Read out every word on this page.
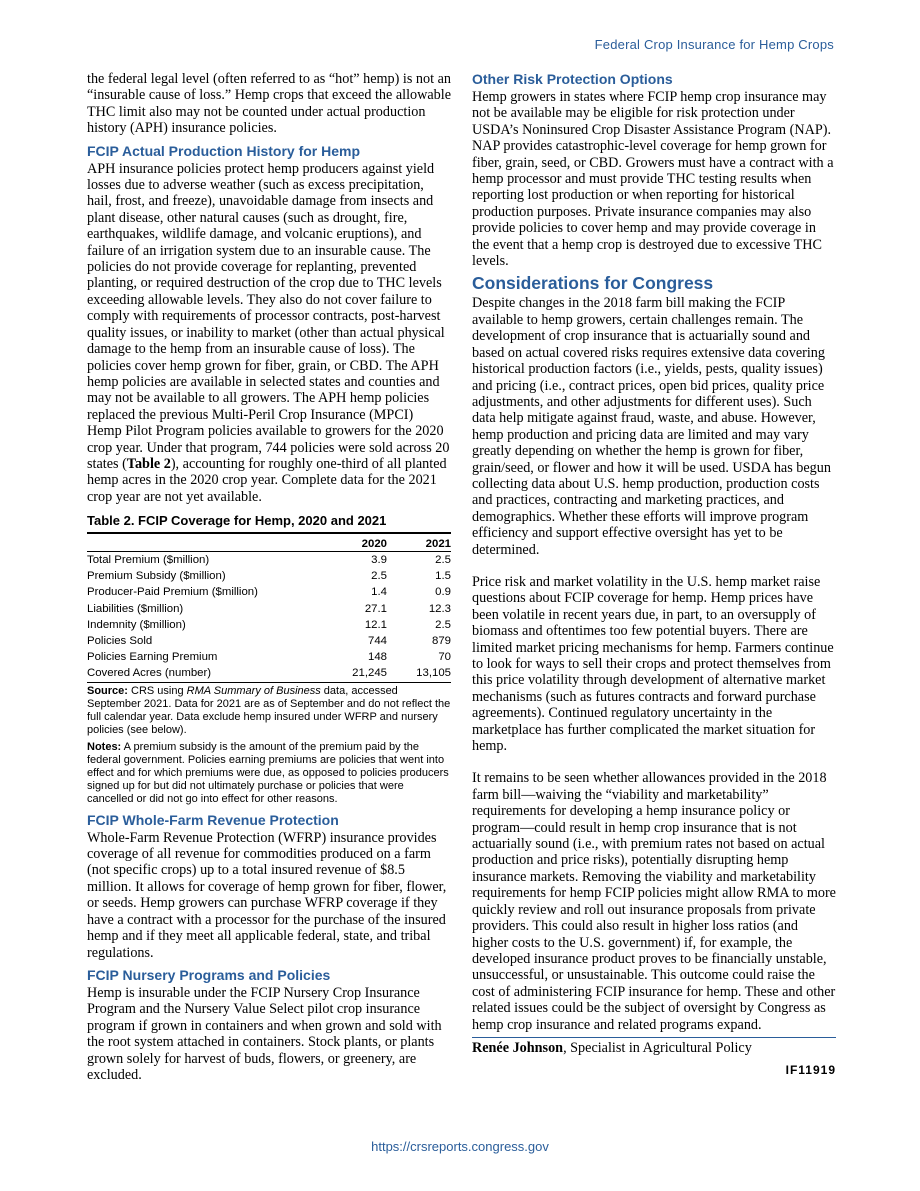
Federal Crop Insurance for Hemp Crops

the federal legal level (often referred to as “hot” hemp) is not an “insurable cause of loss.” Hemp crops that exceed the allowable THC limit also may not be counted under actual production history (APH) insurance policies.

FCIP Actual Production History for Hemp

APH insurance policies protect hemp producers against yield losses due to adverse weather (such as excess precipitation, hail, frost, and freeze), unavoidable damage from insects and plant disease, other natural causes (such as drought, fire, earthquakes, wildlife damage, and volcanic eruptions), and failure of an irrigation system due to an insurable cause. The policies do not provide coverage for replanting, prevented planting, or required destruction of the crop due to THC levels exceeding allowable levels. They also do not cover failure to comply with requirements of processor contracts, post-harvest quality issues, or inability to market (other than actual physical damage to the hemp from an insurable cause of loss). The policies cover hemp grown for fiber, grain, or CBD. The APH hemp policies are available in selected states and counties and may not be available to all growers. The APH hemp policies replaced the previous Multi-Peril Crop Insurance (MPCI) Hemp Pilot Program policies available to growers for the 2020 crop year. Under that program, 744 policies were sold across 20 states (Table 2), accounting for roughly one-third of all planted hemp acres in the 2020 crop year. Complete data for the 2021 crop year are not yet available.

Table 2. FCIP Coverage for Hemp, 2020 and 2021
	2020	2021
Total Premium ($million)	3.9	2.5
Premium Subsidy ($million)	2.5	1.5
Producer-Paid Premium ($million)	1.4	0.9
Liabilities ($million)	27.1	12.3
Indemnity ($million)	12.1	2.5
Policies Sold	744	879
Policies Earning Premium	148	70
Covered Acres (number)	21,245	13,105
Source: CRS using RMA Summary of Business data, accessed September 2021. Data for 2021 are as of September and do not reflect the full calendar year. Data exclude hemp insured under WFRP and nursery policies (see below).
Notes: A premium subsidy is the amount of the premium paid by the federal government. Policies earning premiums are policies that went into effect and for which premiums were due, as opposed to policies producers signed up for but did not ultimately purchase or policies that were cancelled or did not go into effect for other reasons.
FCIP Whole-Farm Revenue Protection

Whole-Farm Revenue Protection (WFRP) insurance provides coverage of all revenue for commodities produced on a farm (not specific crops) up to a total insured revenue of $8.5 million. It allows for coverage of hemp grown for fiber, flower, or seeds. Hemp growers can purchase WFRP coverage if they have a contract with a processor for the purchase of the insured hemp and if they meet all applicable federal, state, and tribal regulations.

FCIP Nursery Programs and Policies

Hemp is insurable under the FCIP Nursery Crop Insurance Program and the Nursery Value Select pilot crop insurance program if grown in containers and when grown and sold with the root system attached in containers. Stock plants, or plants grown solely for harvest of buds, flowers, or greenery, are excluded.

Other Risk Protection Options

Hemp growers in states where FCIP hemp crop insurance may not be available may be eligible for risk protection under USDA’s Noninsured Crop Disaster Assistance Program (NAP). NAP provides catastrophic-level coverage for hemp grown for fiber, grain, seed, or CBD. Growers must have a contract with a hemp processor and must provide THC testing results when reporting lost production or when reporting for historical production purposes. Private insurance companies may also provide policies to cover hemp and may provide coverage in the event that a hemp crop is destroyed due to excessive THC levels.

Considerations for Congress

Despite changes in the 2018 farm bill making the FCIP available to hemp growers, certain challenges remain. The development of crop insurance that is actuarially sound and based on actual covered risks requires extensive data covering historical production factors (i.e., yields, pests, quality issues) and pricing (i.e., contract prices, open bid prices, quality price adjustments, and other adjustments for different uses). Such data help mitigate against fraud, waste, and abuse. However, hemp production and pricing data are limited and may vary greatly depending on whether the hemp is grown for fiber, grain/seed, or flower and how it will be used. USDA has begun collecting data about U.S. hemp production, production costs and practices, contracting and marketing practices, and demographics. Whether these efforts will improve program efficiency and support effective oversight has yet to be determined.

Price risk and market volatility in the U.S. hemp market raise questions about FCIP coverage for hemp. Hemp prices have been volatile in recent years due, in part, to an oversupply of biomass and oftentimes too few potential buyers. There are limited market pricing mechanisms for hemp. Farmers continue to look for ways to sell their crops and protect themselves from this price volatility through development of alternative market mechanisms (such as futures contracts and forward purchase agreements). Continued regulatory uncertainty in the marketplace has further complicated the market situation for hemp.

It remains to be seen whether allowances provided in the 2018 farm bill—waiving the “viability and marketability” requirements for developing a hemp insurance policy or program—could result in hemp crop insurance that is not actuarially sound (i.e., with premium rates not based on actual production and price risks), potentially disrupting hemp insurance markets. Removing the viability and marketability requirements for hemp FCIP policies might allow RMA to more quickly review and roll out insurance proposals from private providers. This could also result in higher loss ratios (and higher costs to the U.S. government) if, for example, the developed insurance product proves to be financially unstable, unsuccessful, or unsustainable. This outcome could raise the cost of administering FCIP insurance for hemp. These and other related issues could be the subject of oversight by Congress as hemp crop insurance and related programs expand.

Renée Johnson, Specialist in Agricultural Policy
IF11919
https://crsreports.congress.gov
